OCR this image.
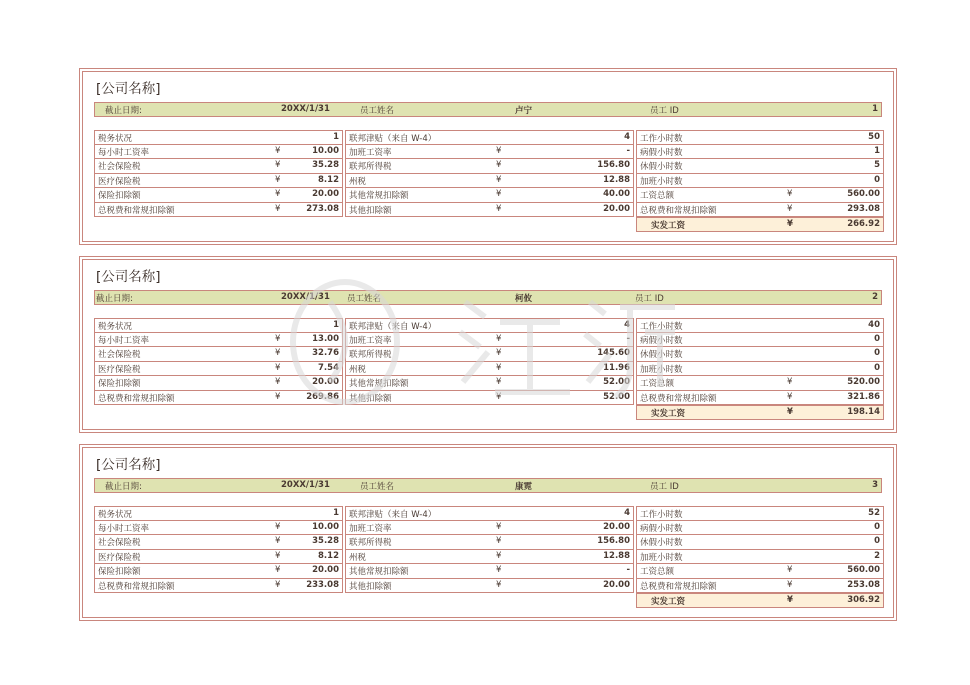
[公司名称]
截止日期:	20XX/1/31	员工姓名	卢宁	员工 ID	1
税务状况	1
每小时工资率	¥	10.00
社会保险税	¥	35.28
医疗保险税	¥	8.12
保险扣除额	¥	20.00
总税费和常规扣除额	¥	273.08
联邦津贴（来自 W-4）	4
加班工资率	¥	-
联邦所得税	¥	156.80
州税	¥	12.88
其他常规扣除额	¥	40.00
其他扣除额	¥	20.00
工作小时数	50
病假小时数	1
休假小时数	5
加班小时数	0
工资总额	¥	560.00
总税费和常规扣除额	¥	293.08
实发工资	¥	266.92
[公司名称]
截止日期:	20XX/1/31 员工姓名	柯攸	员工 ID	2
税务状况	1
每小时工资率	¥	13.00
社会保险税	¥	32.76
医疗保险税	¥	7.54
保险扣除额	¥	20.00
总税费和常规扣除额	¥	269.86
联邦津贴（来自 W-4）	4
加班工资率	¥	-
联邦所得税	¥	145.60
州税	¥	11.96
其他常规扣除额	¥	52.00
其他扣除额	¥	52.00
工作小时数	40
病假小时数	0
休假小时数	0
加班小时数	0
工资总额	¥	520.00
总税费和常规扣除额	¥	321.86
实发工资	¥	198.14
[公司名称]
截止日期:	20XX/1/31	员工姓名	康霓	员工 ID	3
税务状况	1
每小时工资率	¥	10.00
社会保险税	¥	35.28
医疗保险税	¥	8.12
保险扣除额	¥	20.00
总税费和常规扣除额	¥	233.08
联邦津贴（来自 W-4）	4
加班工资率	¥	20.00
联邦所得税	¥	156.80
州税	¥	12.88
其他常规扣除额	¥	-
其他扣除额	¥	20.00
工作小时数	52
病假小时数	0
休假小时数	0
加班小时数	2
工资总额	¥	560.00
总税费和常规扣除额	¥	253.08
实发工资	¥	306.92
